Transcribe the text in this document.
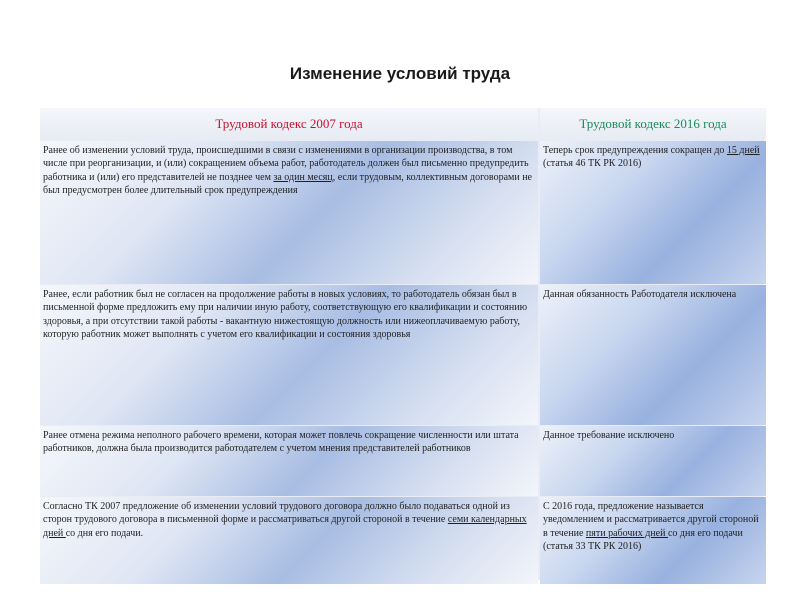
Изменение условий труда
Трудовой кодекс 2007 года	Трудовой кодекс 2016 года
Ранее об изменении условий труда, происшедшими в связи с изменениями в организации производства, в том числе при реорганизации, и (или) сокращением объема работ, работодатель должен был письменно предупредить работника и (или) его представителей не позднее чем за один месяц, если трудовым, коллективным договорами не был предусмотрен более длительный срок предупреждения
Теперь срок предупреждения сокращен до 15 дней (статья 46 ТК РК 2016)
Ранее, если работник был не согласен на продолжение работы в новых условиях, то работодатель обязан был в письменной форме предложить ему при наличии иную работу, соответствующую его квалификации и состоянию здоровья, а при отсутствии такой работы - вакантную нижестоящую должность или нижеоплачиваемую работу, которую работник может выполнять с учетом его квалификации и состояния здоровья
Данная обязанность Работодателя исключена
Ранее отмена режима неполного рабочего времени, которая может повлечь сокращение численности или штата работников, должна была производится работодателем с учетом мнения представителей работников
Данное требование исключено
Согласно ТК 2007 предложение об изменении условий трудового договора должно было подаваться одной из сторон трудового договора в письменной форме и рассматриваться другой стороной в течение семи календарных дней со дня его подачи.
С 2016 года, предложение называется уведомлением и рассматривается другой стороной в течение пяти рабочих дней со дня его подачи (статья 33 ТК РК 2016)
